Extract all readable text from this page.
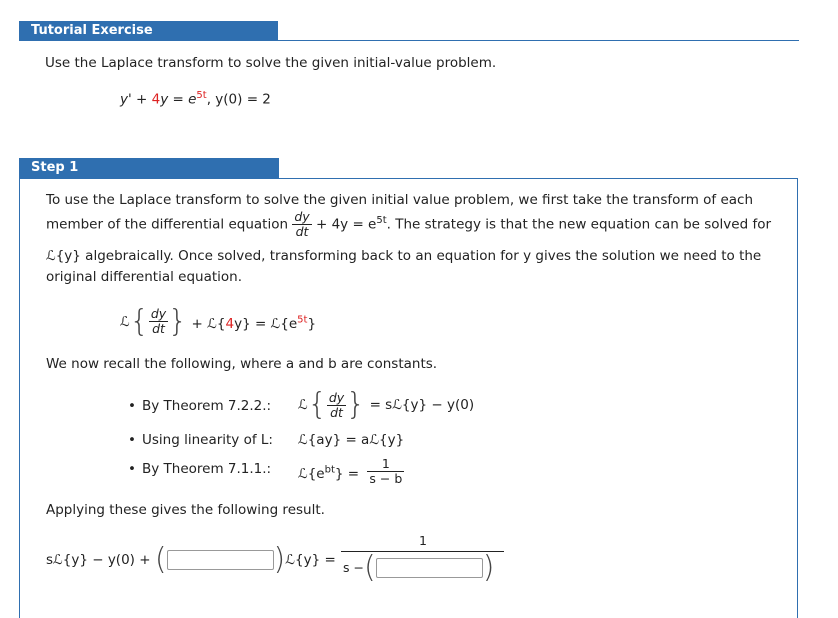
Tutorial Exercise
Use the Laplace transform to solve the given initial-value problem.
$y' + 4y = e^{5t}$, y(0) = 2
Step 1
To use the Laplace transform to solve the given initial value problem, we first take the transform of each
member of the differential equation $\frac{dy}{dt} + 4y = e^{5t}$. The strategy is that the new equation can be solved for
ℒ{y} algebraically. Once solved, transforming back to an equation for y gives the solution we need to the
original differential equation.
ℒ{ $\frac{dy}{dt}$ } + ℒ{4y} = $ℒ\{e^{5t}\}$
We now recall the following, where a and b are constants.
• By Theorem 7.2.2.: ℒ{ $\frac{dy}{dt}$ } = sℒ{y} − y(0)
• Using linearity of L: ℒ{ay} = aℒ{y}
• By Theorem 7.1.1.: $ℒ\{e^{bt}\} = \frac{1}{s - b}$
Applying these gives the following result.
sℒ{y} − y(0) + (	)ℒ{y} =
1
s −(	)
